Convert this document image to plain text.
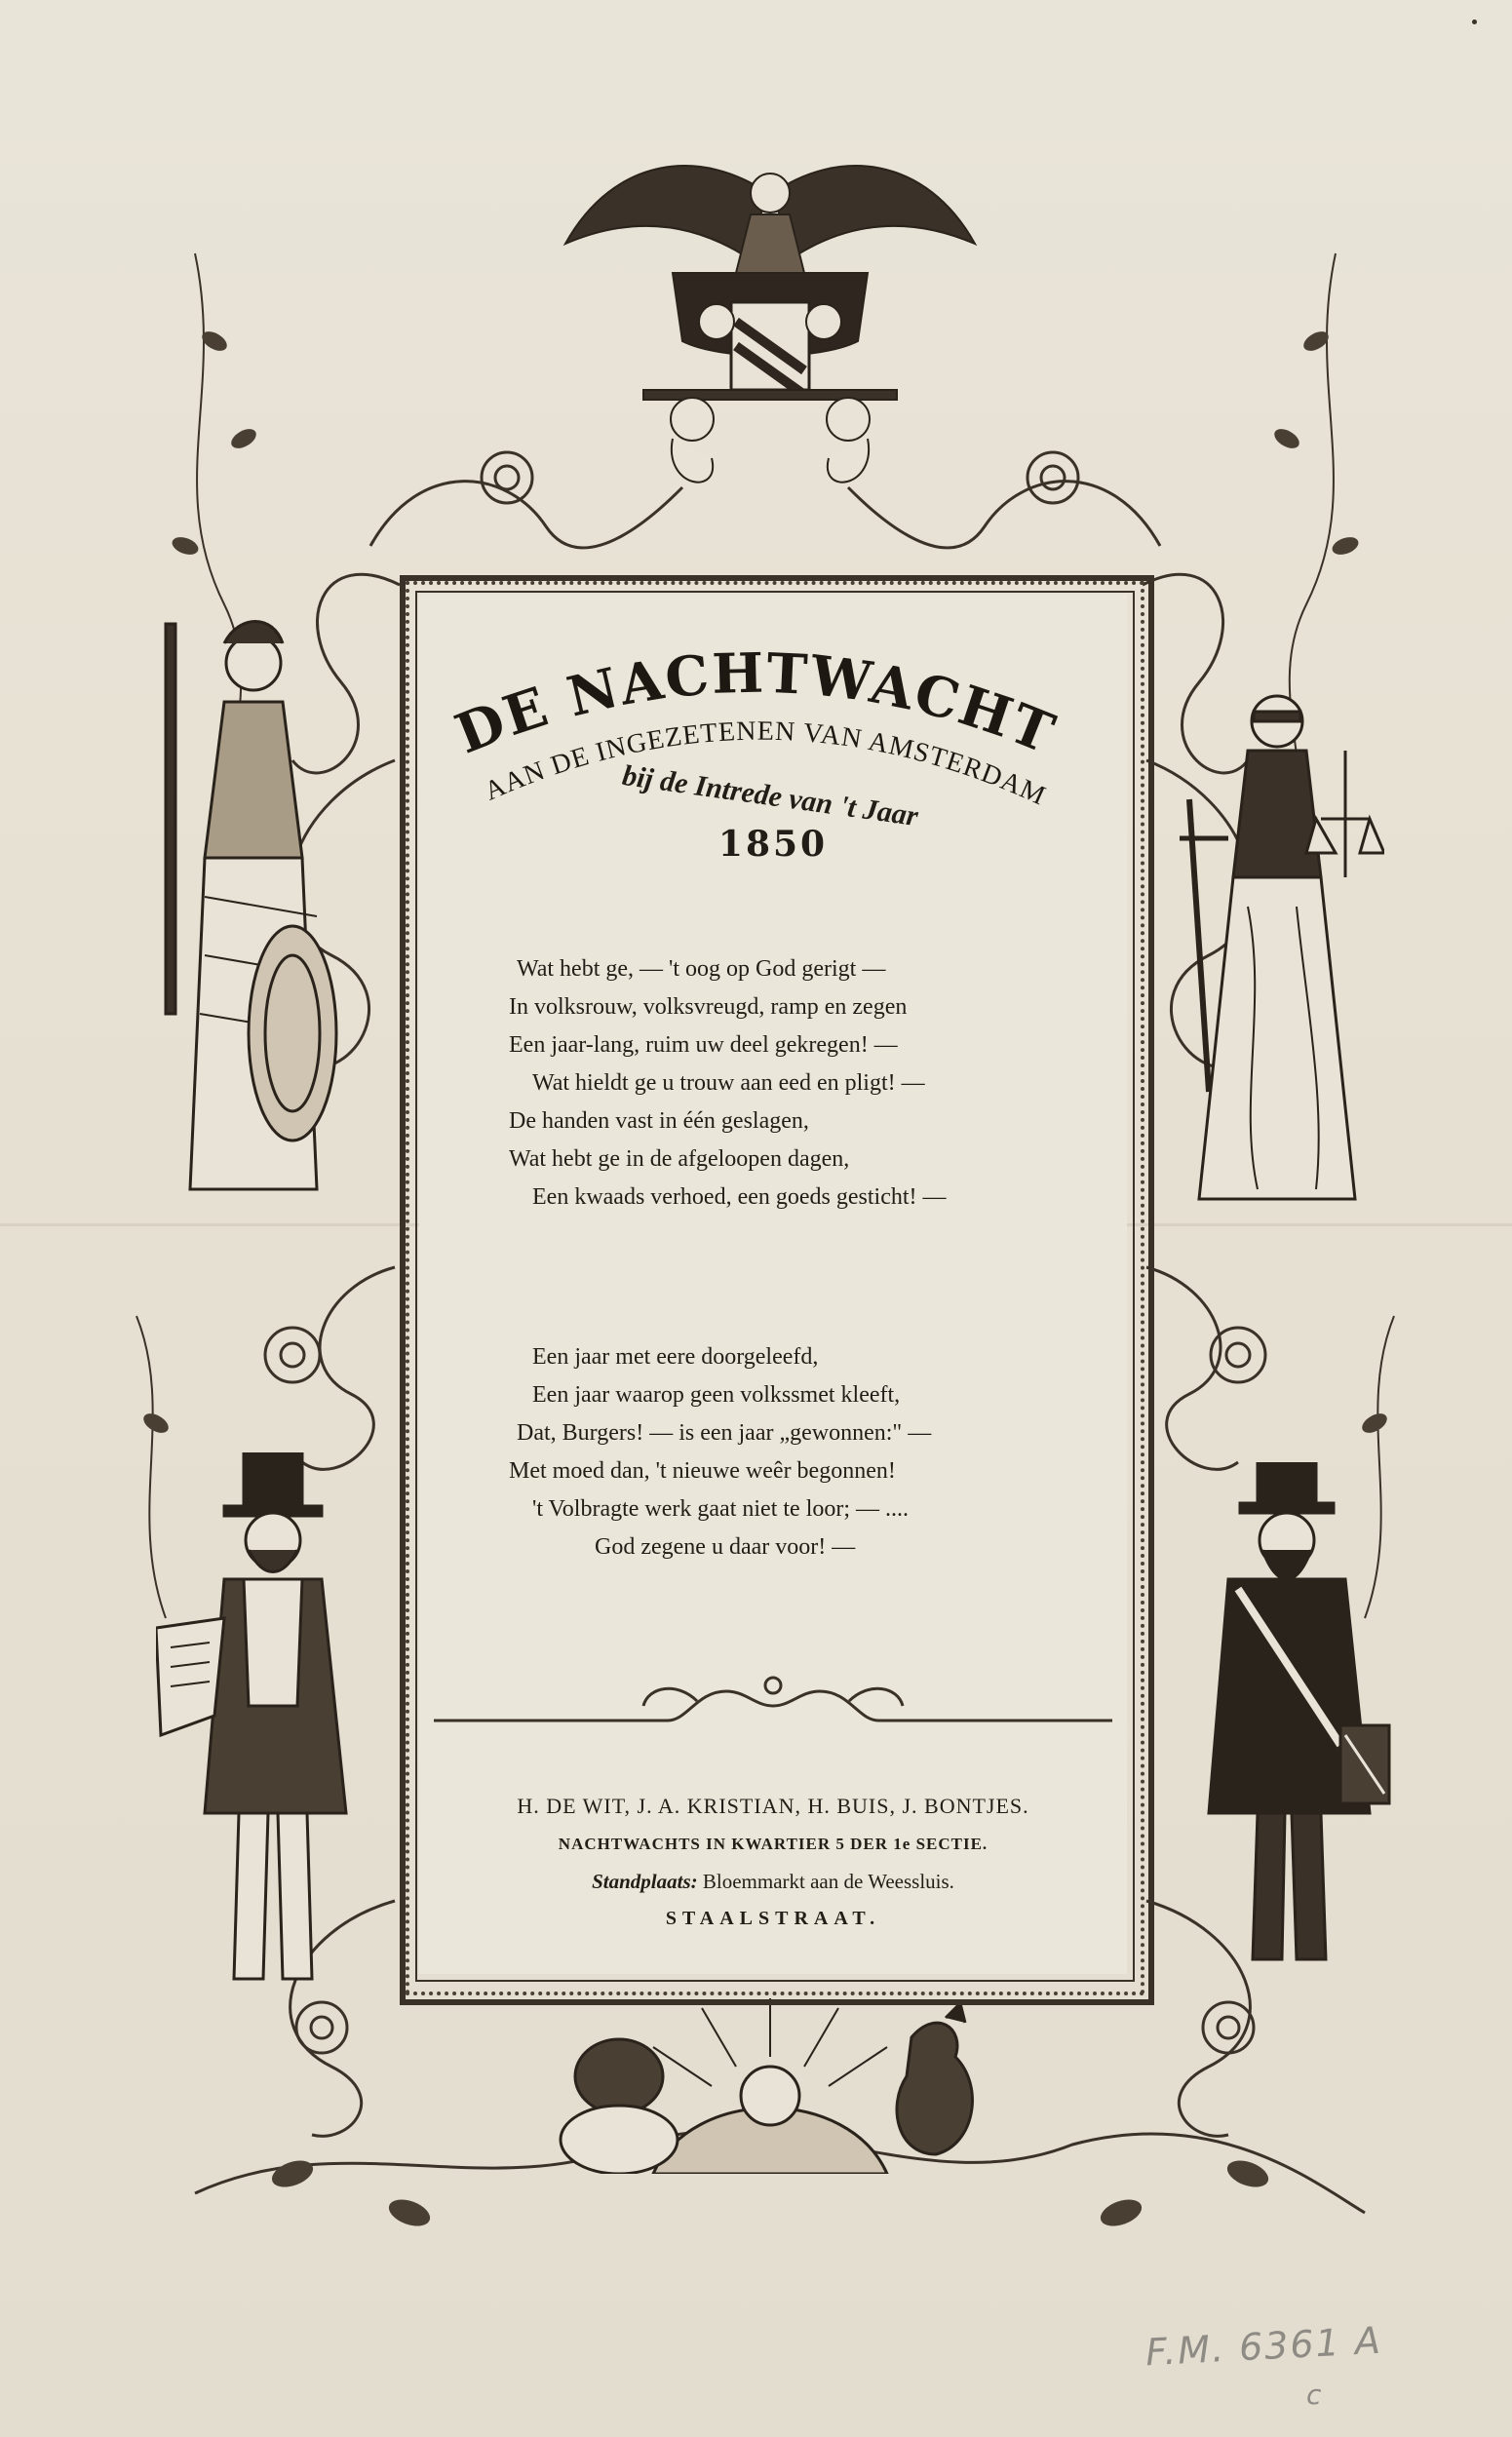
DE NACHTWACHT
AAN DE INGEZETENEN VAN AMSTERDAM
bij de Intrede van 't Jaar
1850
Wat hebt ge, — 't oog op God gerigt —
In volksrouw, volksvreugd, ramp en zegen
Een jaar-lang, ruim uw deel gekregen! —
Wat hieldt ge u trouw aan eed en pligt! —
De handen vast in één geslagen,
Wat hebt ge in de afgeloopen dagen,
Een kwaads verhoed, een goeds gesticht! —
Een jaar met eere doorgeleefd,
Een jaar waarop geen volkssmet kleeft,
Dat, Burgers! — is een jaar „gewonnen:" —
Met moed dan, 't nieuwe weêr begonnen!
't Volbragte werk gaat niet te loor; — ....
God zegene u daar voor! —
H. DE WIT, J. A. KRISTIAN, H. BUIS, J. BONTJES.
NACHTWACHTS IN KWARTIER 5 DER 1e SECTIE.
Standplaats: Bloemmarkt aan de Weessluis.
STAALSTRAAT.
F.M. 6361 A
c
